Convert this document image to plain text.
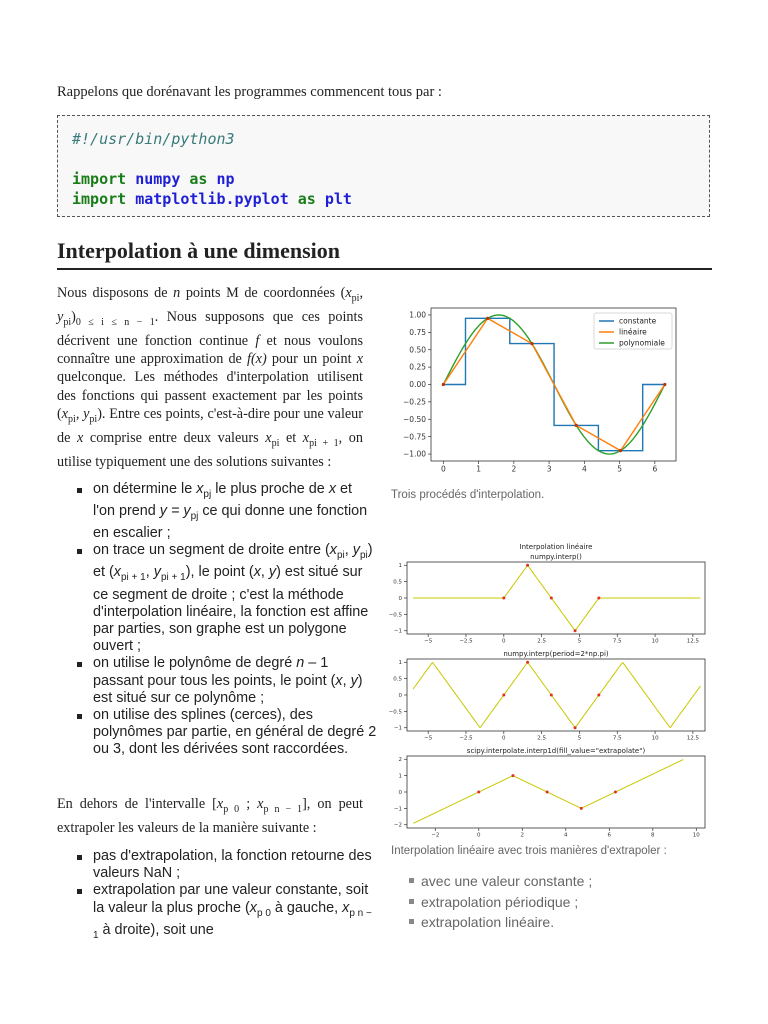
Rappelons que dorénavant les programmes commencent tous par :
#!/usr/bin/python3
import numpy as np
import matplotlib.pyplot as plt
Interpolation à une dimension
Nous disposons de n points M de coordonnées ($x_{pi}$, $y_{pi})_{0 \le i \le n - 1}$. Nous supposons que ces points décrivent une fonction continue f et nous voulons connaître une approximation de f(x) pour un point x quelconque. Les méthodes d'interpolation utilisent des fonctions qui passent exactement par les points ($x_{pi}$, $y_{pi}$). Entre ces points, c'est-à-dire pour une valeur de x comprise entre deux valeurs $x_{pi}$ et $x_{pi + 1}$, on utilise typiquement une des solutions suivantes :
on détermine le $x_{pj}$ le plus proche de x et l'on prend $y = y_{pj}$ ce qui donne une fonction en escalier ;
on trace un segment de droite entre ($x_{pi}$, $y_{pi}$) et ($x_{pi + 1}$, $y_{pi + 1}$), le point (x, y) est situé sur ce segment de droite ; c'est la méthode d'interpolation linéaire, la fonction est affine par parties, son graphe est un polygone ouvert ;
on utilise le polynôme de degré n – 1 passant pour tous les points, le point (x, y) est situé sur ce polynôme ;
on utilise des splines (cerces), des polynômes par partie, en général de degré 2 ou 3, dont les dérivées sont raccordées.
En dehors de l'intervalle [$x_{p 0}$ ; $x_{p n - 1}$], on peut extrapoler les valeurs de la manière suivante :
pas d'extrapolation, la fonction retourne des valeurs NaN ;
extrapolation par une valeur constante, soit la valeur la plus proche ($x_{p 0}$ à gauche, $x_{p n - 1}$ à droite), soit une
0	1	2	3	4	5	6
−1.00
−0.75
−0.50
−0.25
0.00
0.25
0.50
0.75
1.00
constante
linéaire
polynomiale
Trois procédés d'interpolation.
−5	−2.5	0	2.5	5	7.5	10	12.5
−1
−0.5
0
0.5
1
Interpolation linéaire
numpy.interp()
−5	−2.5	0	2.5	5	7.5	10	12.5
−1
−0.5
0
0.5
1
numpy.interp(period=2*np.pi)
−2	0	2	4	6	8	10
−2
−1
0
1
2
scipy.interpolate.interp1d(fill_value="extrapolate")
Interpolation linéaire avec trois manières d'extrapoler :
avec une valeur constante ;
extrapolation périodique ;
extrapolation linéaire.
